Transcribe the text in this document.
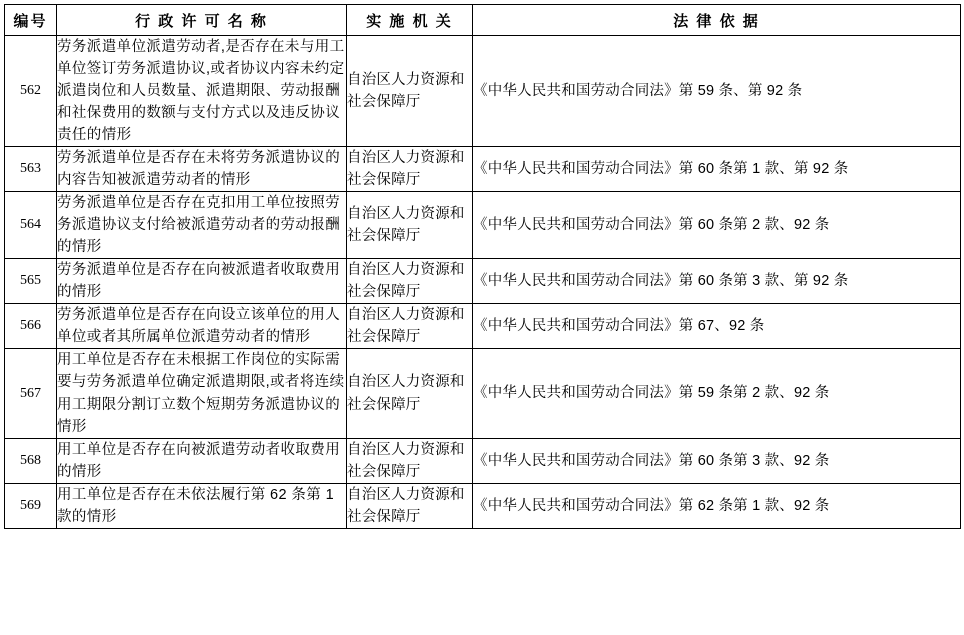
编号	行 政 许 可 名 称	实 施 机 关	法 律 依 据
562	劳务派遣单位派遣劳动者,是否存在未与用工单位签订劳务派遣协议,或者协议内容未约定派遣岗位和人员数量、派遣期限、劳动报酬和社保费用的数额与支付方式以及违反协议责任的情形	自治区人力资源和社会保障厅	《中华人民共和国劳动合同法》第 59 条、第 92 条
563	劳务派遣单位是否存在未将劳务派遣协议的内容告知被派遣劳动者的情形	自治区人力资源和社会保障厅	《中华人民共和国劳动合同法》第 60 条第 1 款、第 92 条
564	劳务派遣单位是否存在克扣用工单位按照劳务派遣协议支付给被派遣劳动者的劳动报酬的情形	自治区人力资源和社会保障厅	《中华人民共和国劳动合同法》第 60 条第 2 款、92 条
565	劳务派遣单位是否存在向被派遣者收取费用的情形	自治区人力资源和社会保障厅	《中华人民共和国劳动合同法》第 60 条第 3 款、第 92 条
566	劳务派遣单位是否存在向设立该单位的用人单位或者其所属单位派遣劳动者的情形	自治区人力资源和社会保障厅	《中华人民共和国劳动合同法》第 67、92 条
567	用工单位是否存在未根据工作岗位的实际需要与劳务派遣单位确定派遣期限,或者将连续用工期限分割订立数个短期劳务派遣协议的情形	自治区人力资源和社会保障厅	《中华人民共和国劳动合同法》第 59 条第 2 款、92 条
568	用工单位是否存在向被派遣劳动者收取费用的情形	自治区人力资源和社会保障厅	《中华人民共和国劳动合同法》第 60 条第 3 款、92 条
569	用工单位是否存在未依法履行第 62 条第 1 款的情形	自治区人力资源和社会保障厅	《中华人民共和国劳动合同法》第 62 条第 1 款、92 条
